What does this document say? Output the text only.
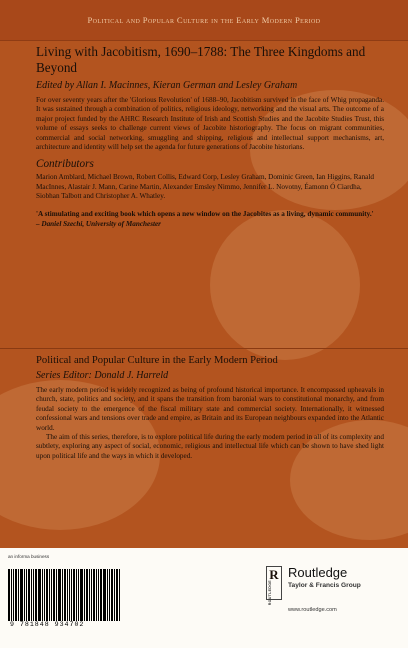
Political and Popular Culture in the Early Modern Period
Living with Jacobitism, 1690–1788: The Three Kingdoms and Beyond
Edited by Allan I. Macinnes, Kieran German and Lesley Graham
For over seventy years after the 'Glorious Revolution' of 1688–90, Jacobitism survived in the face of Whig propaganda. It was sustained through a combination of politics, religious ideology, networking and the visual arts. The outcome of a major project funded by the AHRC Research Institute of Irish and Scottish Studies and the Jacobite Studies Trust, this volume of essays seeks to challenge current views of Jacobite historiography. The focus on migrant communities, commercial and social networking, smuggling and shipping, religious and intellectual support mechanisms, art, architecture and identity will help set the agenda for future generations of Jacobite historians.
Contributors
Marion Amblard, Michael Brown, Robert Collis, Edward Corp, Lesley Graham, Dominic Green, Ian Higgins, Ranald MacInnes, Alastair J. Mann, Carine Martin, Alexander Emsley Nimmo, Jennifer L. Novotny, Éamonn Ó Ciardha, Siobhan Talbott and Christopher A. Whatley.
'A stimulating and exciting book which opens a new window on the Jacobites as a living, dynamic community.'
– Daniel Szechi, University of Manchester
Political and Popular Culture in the Early Modern Period
Series Editor: Donald J. Harreld
The early modern period is widely recognized as being of profound historical importance. It encompassed upheavals in church, state, politics and society, and it spans the transition from baronial wars to constitutional monarchy, and from feudal society to the emergence of the fiscal military state and commercial society. Internationally, it witnessed confessional wars and tensions over trade and empire, as Britain and its European neighbours expanded into the Atlantic world.
The aim of this series, therefore, is to explore political life during the early modern period in all of its complexity and subtlety, exploring any aspect of social, economic, religious and intellectual life which can be shown to have shed light upon political life and the ways in which it developed.
an informa business
9 781848 934702
R
ROUTLEDGE
Routledge
Taylor & Francis Group
www.routledge.com
